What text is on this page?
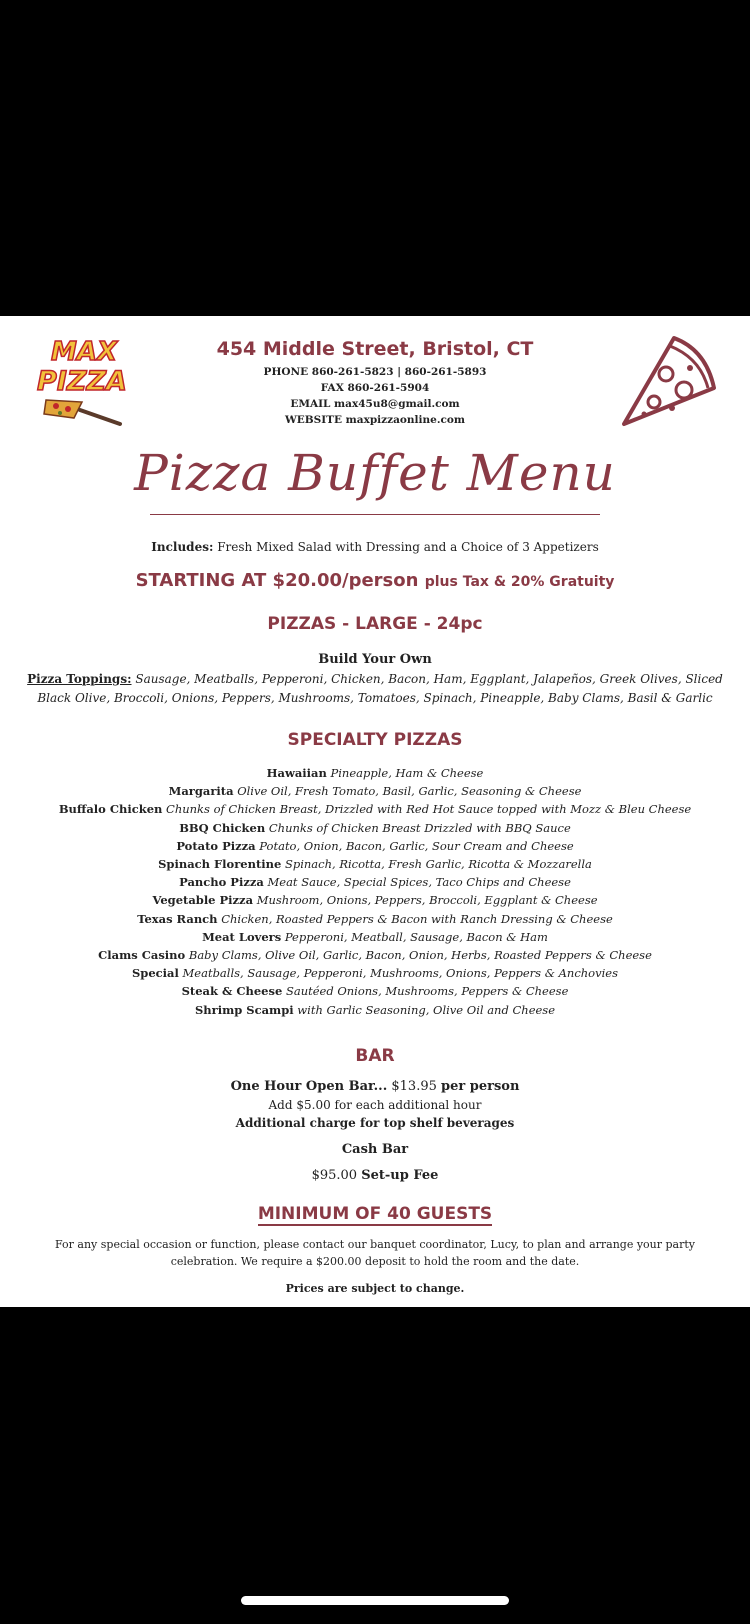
MAX
PIZZA
454 Middle Street, Bristol, CT
PHONE 860-261-5823 | 860-261-5893
FAX 860-261-5904
EMAIL max45u8@gmail.com
WEBSITE maxpizzaonline.com
Pizza Buffet Menu
Includes: Fresh Mixed Salad with Dressing and a Choice of 3 Appetizers
STARTING AT $20.00/person plus Tax & 20% Gratuity
PIZZAS - LARGE - 24pc
Build Your Own
Pizza Toppings: Sausage, Meatballs, Pepperoni, Chicken, Bacon, Ham, Eggplant, Jalapeños, Greek Olives, Sliced
Black Olive, Broccoli, Onions, Peppers, Mushrooms, Tomatoes, Spinach, Pineapple, Baby Clams, Basil & Garlic
SPECIALTY PIZZAS
Hawaiian Pineapple, Ham & Cheese
Margarita Olive Oil, Fresh Tomato, Basil, Garlic, Seasoning & Cheese
Buffalo Chicken Chunks of Chicken Breast, Drizzled with Red Hot Sauce topped with Mozz & Bleu Cheese
BBQ Chicken Chunks of Chicken Breast Drizzled with BBQ Sauce
Potato Pizza Potato, Onion, Bacon, Garlic, Sour Cream and Cheese
Spinach Florentine Spinach, Ricotta, Fresh Garlic, Ricotta & Mozzarella
Pancho Pizza Meat Sauce, Special Spices, Taco Chips and Cheese
Vegetable Pizza Mushroom, Onions, Peppers, Broccoli, Eggplant & Cheese
Texas Ranch Chicken, Roasted Peppers & Bacon with Ranch Dressing & Cheese
Meat Lovers Pepperoni, Meatball, Sausage, Bacon & Ham
Clams Casino Baby Clams, Olive Oil, Garlic, Bacon, Onion, Herbs, Roasted Peppers & Cheese
Special Meatballs, Sausage, Pepperoni, Mushrooms, Onions, Peppers & Anchovies
Steak & Cheese Sautéed Onions, Mushrooms, Peppers & Cheese
Shrimp Scampi with Garlic Seasoning, Olive Oil and Cheese
BAR
One Hour Open Bar... $13.95 per person
Add $5.00 for each additional hour
Additional charge for top shelf beverages
Cash Bar
$95.00 Set-up Fee
MINIMUM OF 40 GUESTS
For any special occasion or function, please contact our banquet coordinator, Lucy, to plan and arrange your party
celebration. We require a $200.00 deposit to hold the room and the date.
Prices are subject to change.
